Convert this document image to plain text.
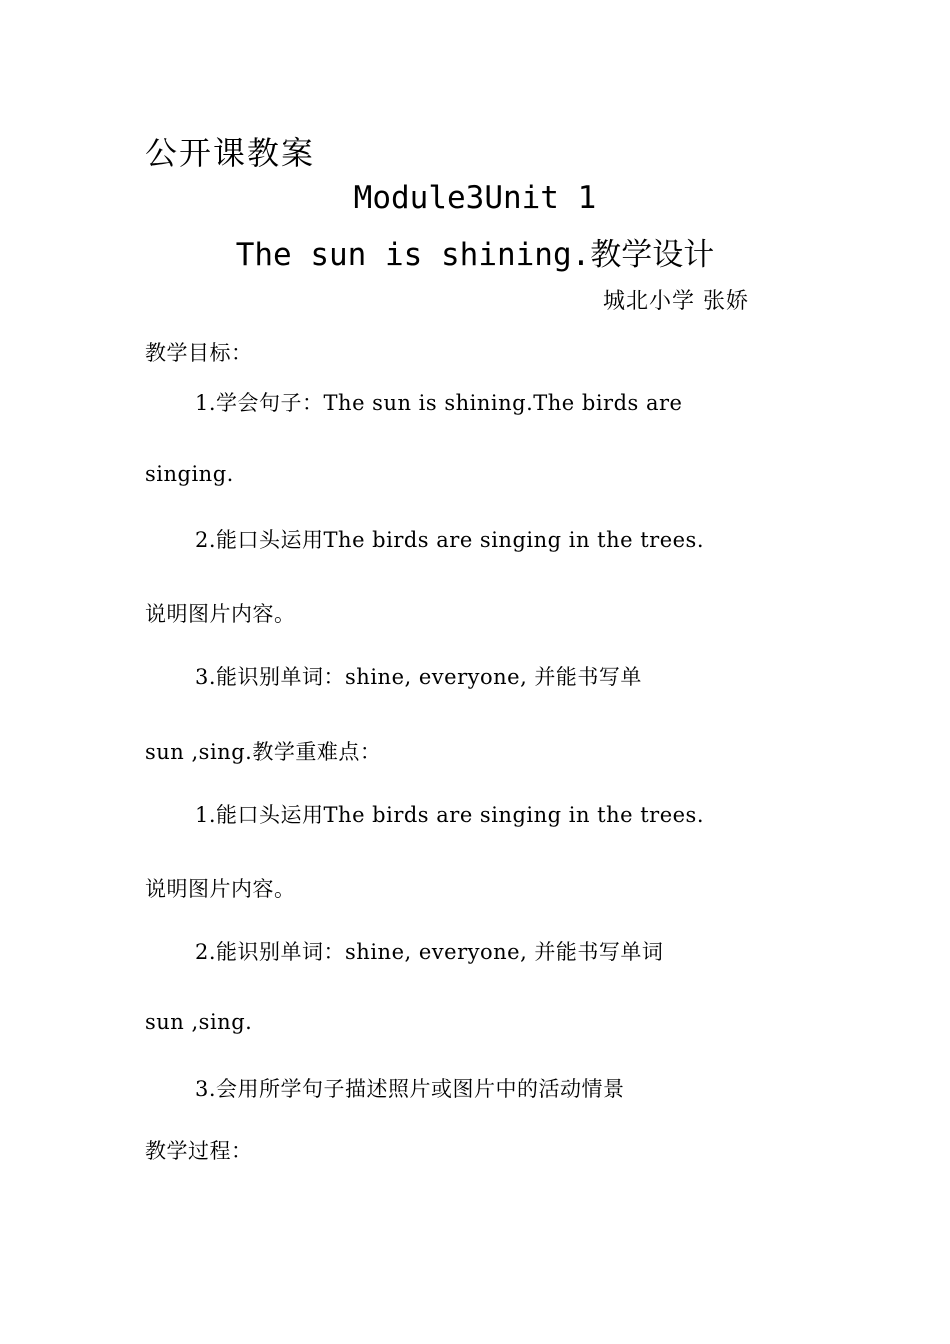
公开课教案

Module3Unit 1

The sun is shining.教学设计

城北小学 张娇

教学目标：

1.学会句子：The sun is shining.The birds are

singing.

2.能口头运用The birds are singing in the trees.

说明图片内容。

3.能识别单词：shine, everyone, 并能书写单

sun ,sing.教学重难点：

1.能口头运用The birds are singing in the trees.

说明图片内容。

2.能识别单词：shine, everyone, 并能书写单词

sun ,sing.

3.会用所学句子描述照片或图片中的活动情景

教学过程：
